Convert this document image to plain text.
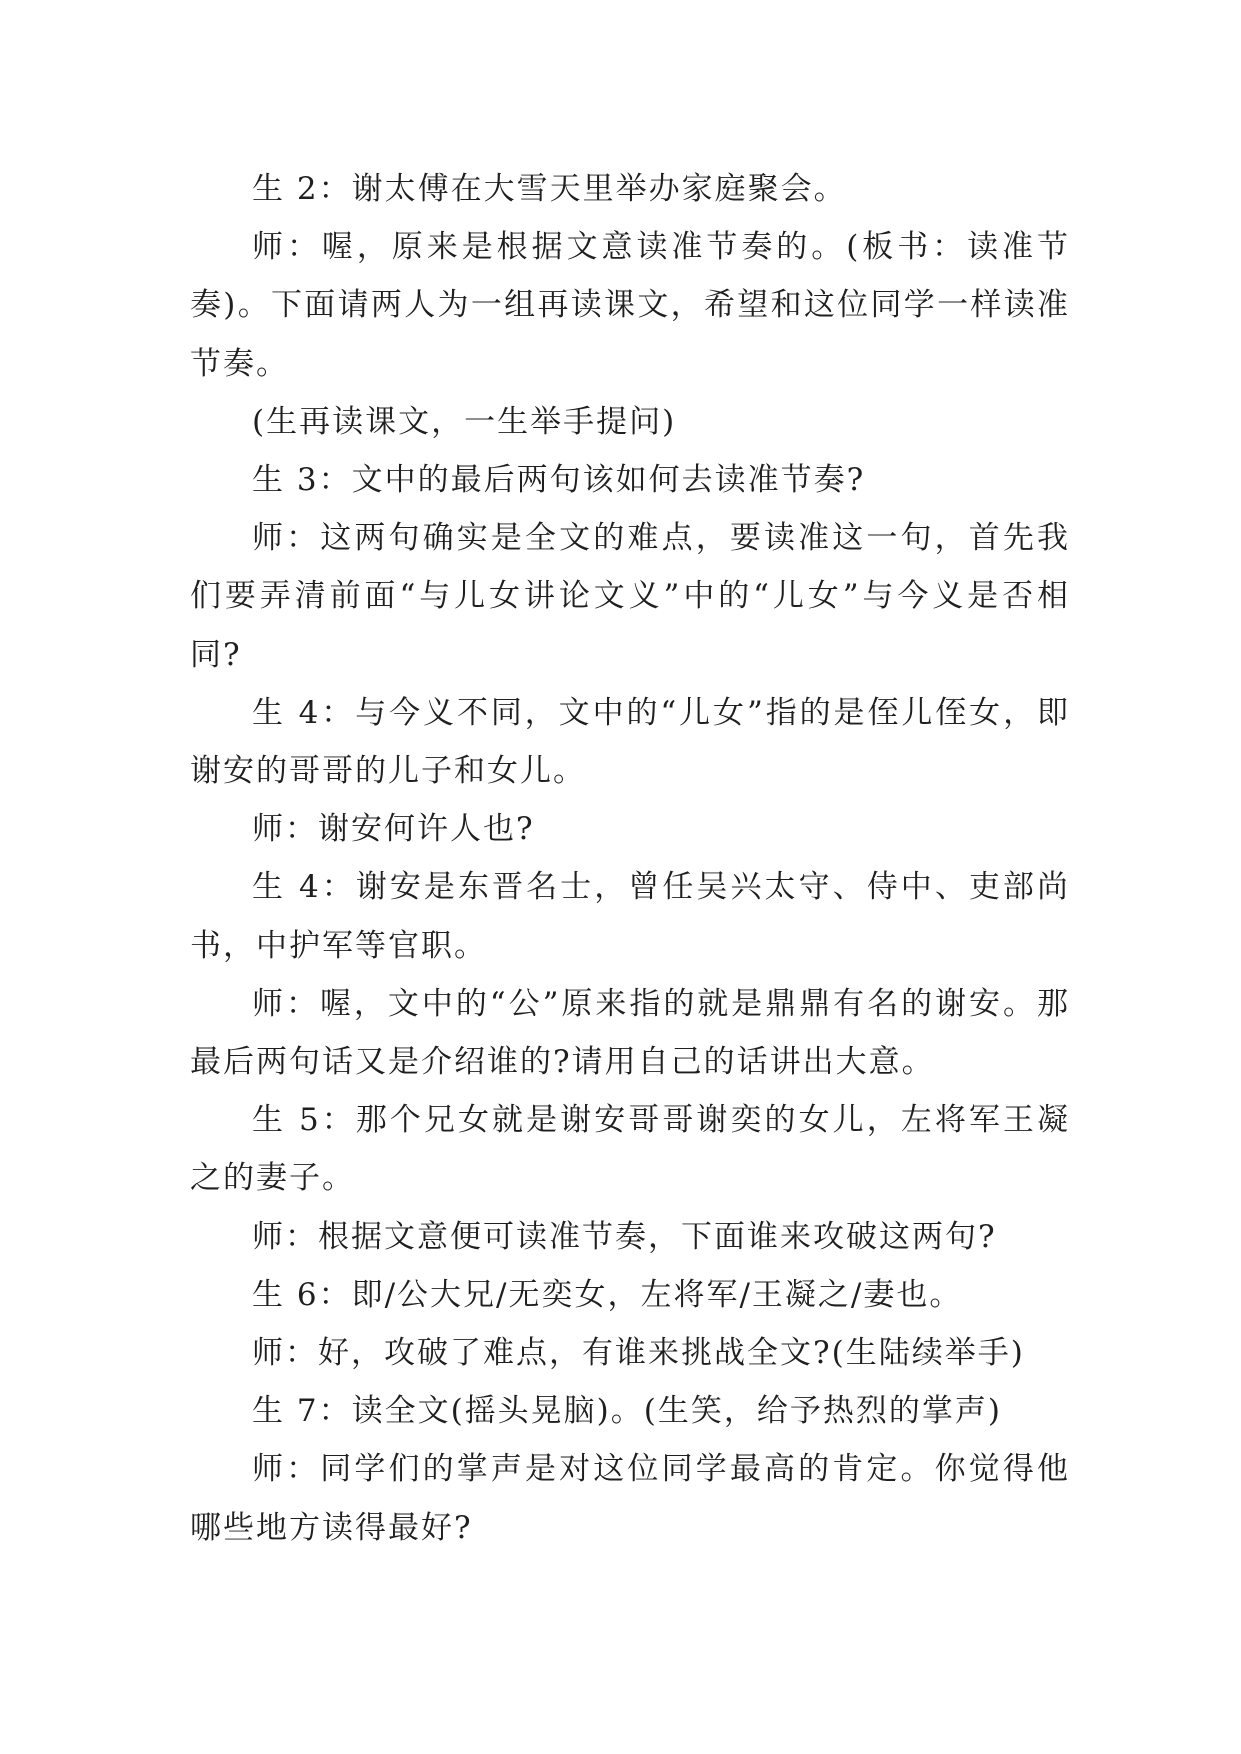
生 2：谢太傅在大雪天里举办家庭聚会。

师：喔，原来是根据文意读准节奏的。(板书：读准节奏)。下面请两人为一组再读课文，希望和这位同学一样读准节奏。

(生再读课文，一生举手提问)

生 3：文中的最后两句该如何去读准节奏?

师：这两句确实是全文的难点，要读准这一句，首先我们要弄清前面“与儿女讲论文义”中的“儿女”与今义是否相同?

生 4：与今义不同，文中的“儿女”指的是侄儿侄女，即谢安的哥哥的儿子和女儿。

师：谢安何许人也?

生 4：谢安是东晋名士，曾任吴兴太守、侍中、吏部尚书，中护军等官职。

师：喔，文中的“公”原来指的就是鼎鼎有名的谢安。那最后两句话又是介绍谁的?请用自己的话讲出大意。

生 5：那个兄女就是谢安哥哥谢奕的女儿，左将军王凝之的妻子。

师：根据文意便可读准节奏，下面谁来攻破这两句?

生 6：即/公大兄/无奕女，左将军/王凝之/妻也。

师：好，攻破了难点，有谁来挑战全文?(生陆续举手)

生 7：读全文(摇头晃脑)。(生笑，给予热烈的掌声)

师：同学们的掌声是对这位同学最高的肯定。你觉得他哪些地方读得最好?
